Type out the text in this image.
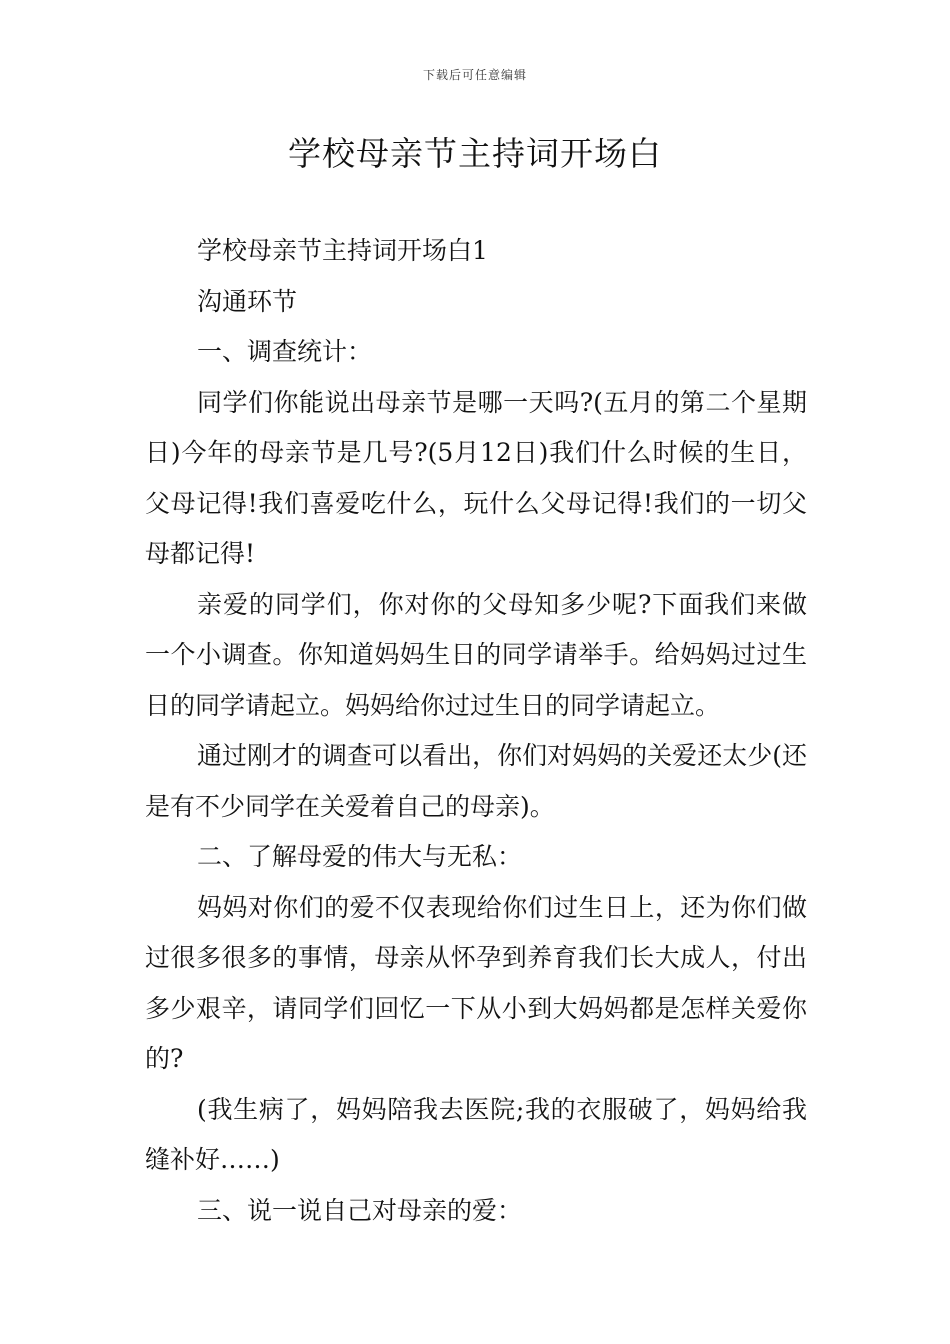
下载后可任意编辑
学校母亲节主持词开场白

学校母亲节主持词开场白1

沟通环节

一、调查统计：

同学们你能说出母亲节是哪一天吗?(五月的第二个星期日)今年的母亲节是几号?(5月12日)我们什么时候的生日，父母记得!我们喜爱吃什么，玩什么父母记得!我们的一切父母都记得!

亲爱的同学们，你对你的父母知多少呢?下面我们来做一个小调查。你知道妈妈生日的同学请举手。给妈妈过过生日的同学请起立。妈妈给你过过生日的同学请起立。

通过刚才的调查可以看出，你们对妈妈的关爱还太少(还是有不少同学在关爱着自己的母亲)。

二、了解母爱的伟大与无私：

妈妈对你们的爱不仅表现给你们过生日上，还为你们做过很多很多的事情，母亲从怀孕到养育我们长大成人，付出多少艰辛，请同学们回忆一下从小到大妈妈都是怎样关爱你的?

(我生病了，妈妈陪我去医院;我的衣服破了，妈妈给我缝补好……)

三、说一说自己对母亲的爱：
